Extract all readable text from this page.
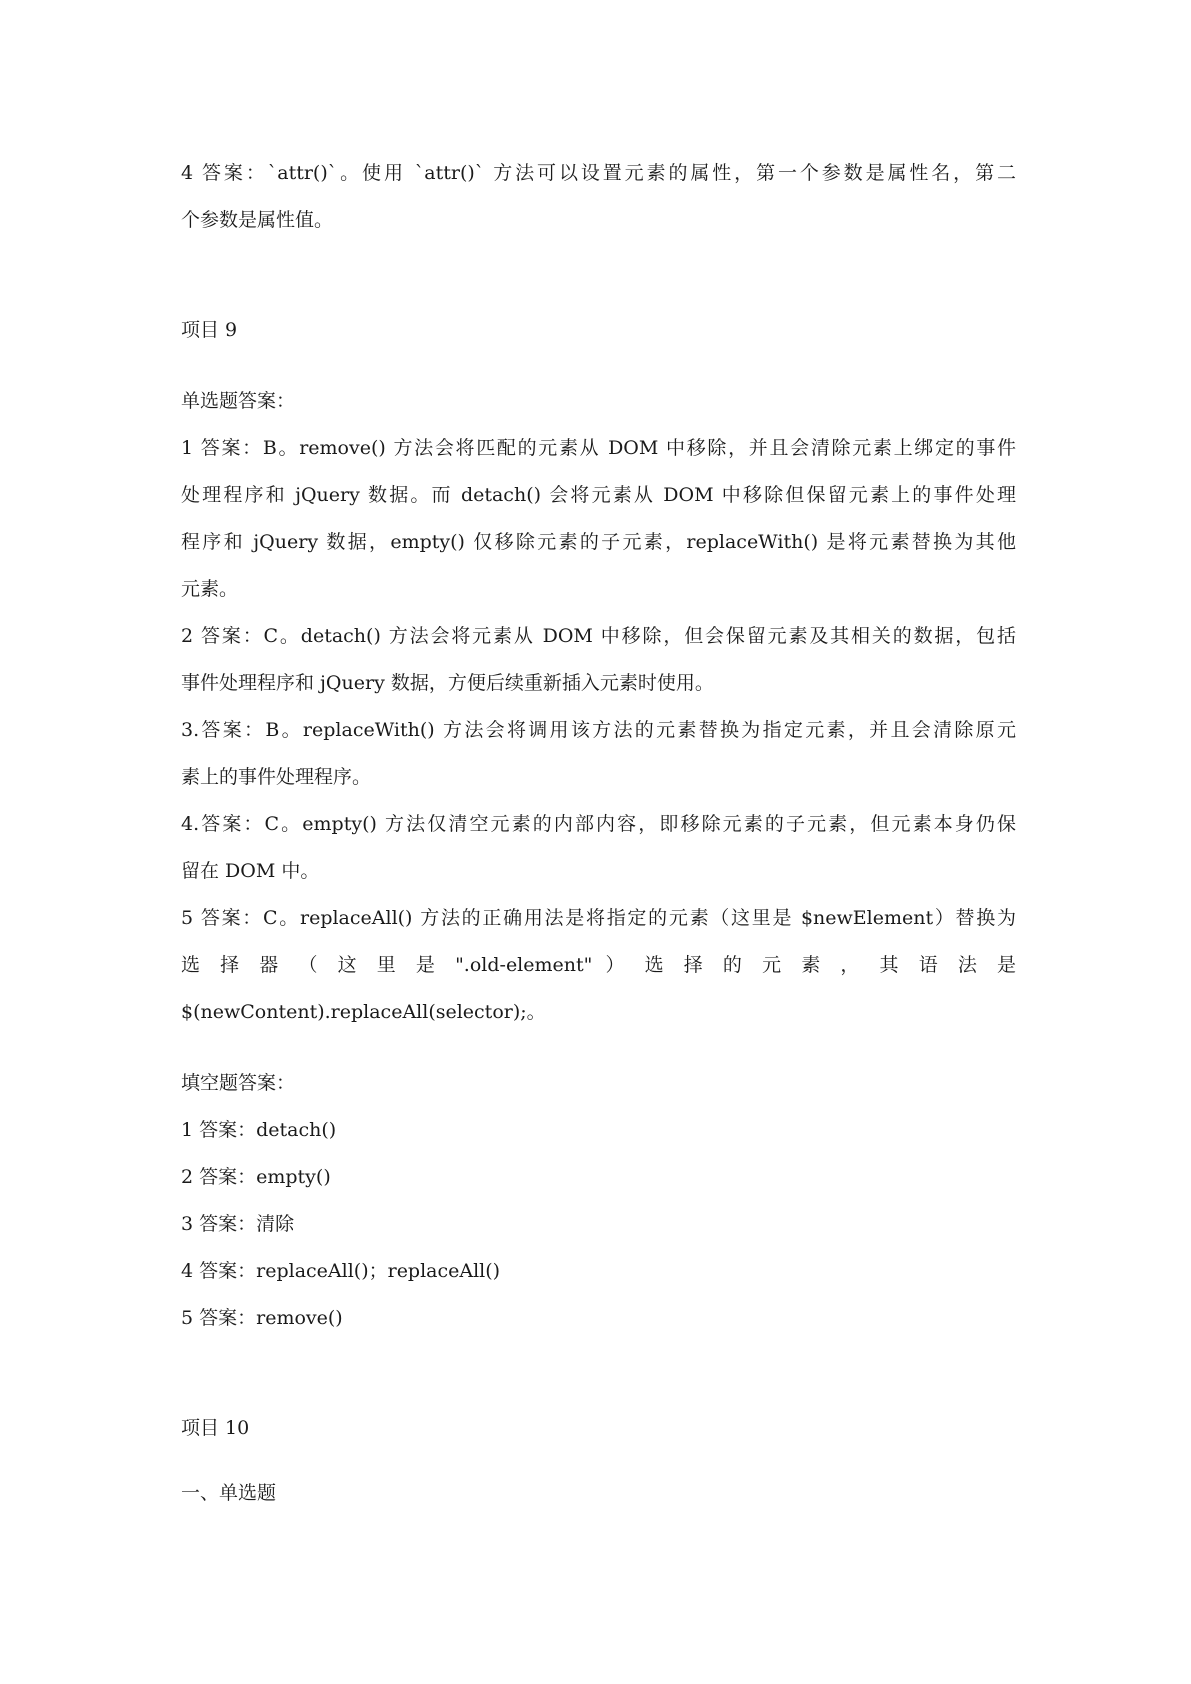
4 答案：`attr()`。使用 `attr()` 方法可以设置元素的属性，第一个参数是属性名，第二
个参数是属性值。
项目 9
单选题答案：
1 答案：B。remove() 方法会将匹配的元素从 DOM 中移除，并且会清除元素上绑定的事件
处理程序和 jQuery 数据。而 detach() 会将元素从 DOM 中移除但保留元素上的事件处理
程序和 jQuery 数据，empty() 仅移除元素的子元素，replaceWith() 是将元素替换为其他
元素。
2 答案：C。detach() 方法会将元素从 DOM 中移除，但会保留元素及其相关的数据，包括
事件处理程序和 jQuery 数据，方便后续重新插入元素时使用。
3.答案：B。replaceWith() 方法会将调用该方法的元素替换为指定元素，并且会清除原元
素上的事件处理程序。
4.答案：C。empty() 方法仅清空元素的内部内容，即移除元素的子元素，但元素本身仍保
留在 DOM 中。
5 答案：C。replaceAll() 方法的正确用法是将指定的元素（这里是 $newElement）替换为
选 择 器 （ 这 里 是 ".old-element" ） 选 择 的 元 素 ， 其 语 法 是
$(newContent).replaceAll(selector);。
填空题答案：
1 答案：detach()
2 答案：empty()
3 答案：清除
4 答案：replaceAll()；replaceAll()
5 答案：remove()
项目 10
一、单选题
